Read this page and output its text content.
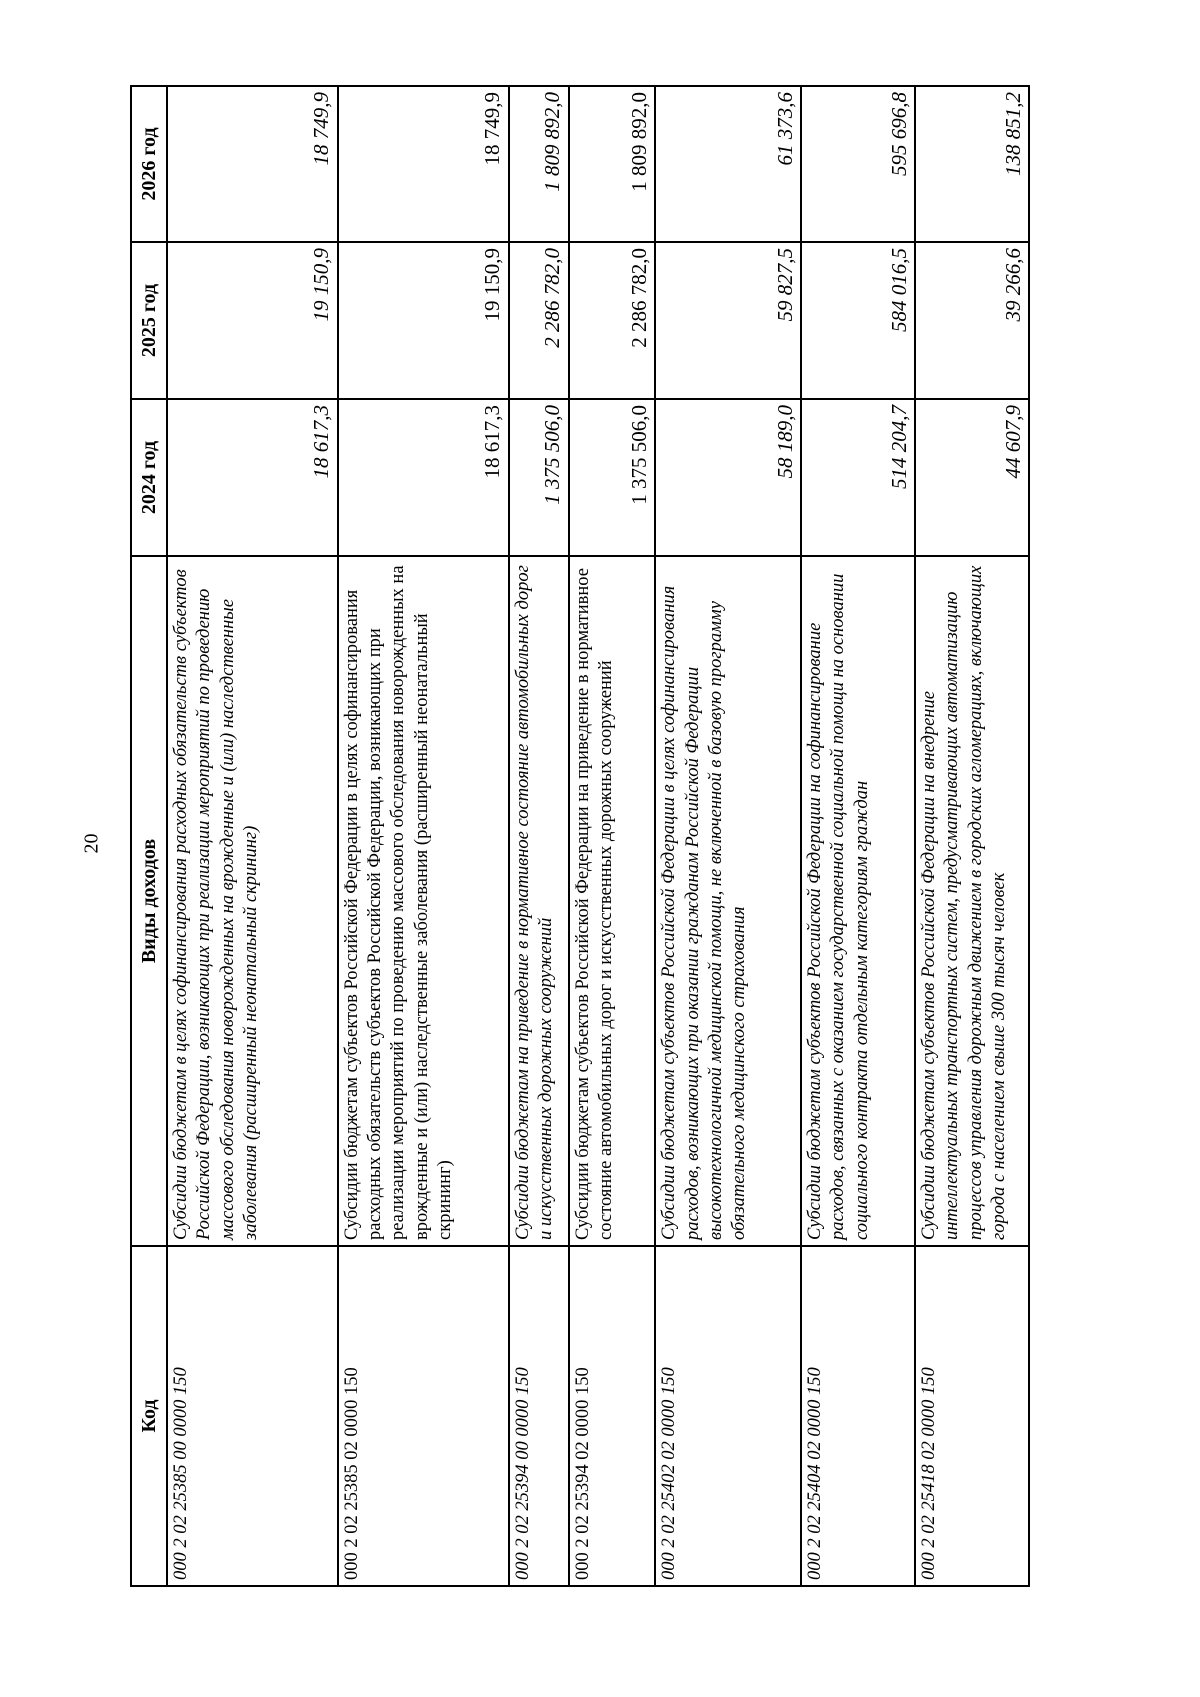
20
Код	Виды доходов	2024 год	2025 год	2026 год
000 2 02 25385 00 0000 150	Субсидии бюджетам в целях софинансирования расходных обязательств субъектов Российской Федерации, возникающих при реализации мероприятий по проведению массового обследования новорожденных на врожденные и (или) наследственные заболевания (расширенный неонатальный скрининг)	18 617,3	19 150,9	18 749,9
000 2 02 25385 02 0000 150	Субсидии бюджетам субъектов Российской Федерации в целях софинансирования расходных обязательств субъектов Российской Федерации, возникающих при реализации мероприятий по проведению массового обследования новорожденных на врожденные и (или) наследственные заболевания (расширенный неонатальный скрининг)	18 617,3	19 150,9	18 749,9
000 2 02 25394 00 0000 150	Субсидии бюджетам на приведение в нормативное состояние автомобильных дорог и искусственных дорожных сооружений	1 375 506,0	2 286 782,0	1 809 892,0
000 2 02 25394 02 0000 150	Субсидии бюджетам субъектов Российской Федерации на приведение в нормативное состояние автомобильных дорог и искусственных дорожных сооружений	1 375 506,0	2 286 782,0	1 809 892,0
000 2 02 25402 02 0000 150	Субсидии бюджетам субъектов Российской Федерации в целях софинансирования расходов, возникающих при оказании гражданам Российской Федерации высокотехнологичной медицинской помощи, не включенной в базовую программу обязательного медицинского страхования	58 189,0	59 827,5	61 373,6
000 2 02 25404 02 0000 150	Субсидии бюджетам субъектов Российской Федерации на софинансирование расходов, связанных с оказанием государственной социальной помощи на основании социального контракта отдельным категориям граждан	514 204,7	584 016,5	595 696,8
000 2 02 25418 02 0000 150	Субсидии бюджетам субъектов Российской Федерации на внедрение интеллектуальных транспортных систем, предусматривающих автоматизацию процессов управления дорожным движением в городских агломерациях, включающих города с населением свыше 300 тысяч человек	44 607,9	39 266,6	138 851,2
